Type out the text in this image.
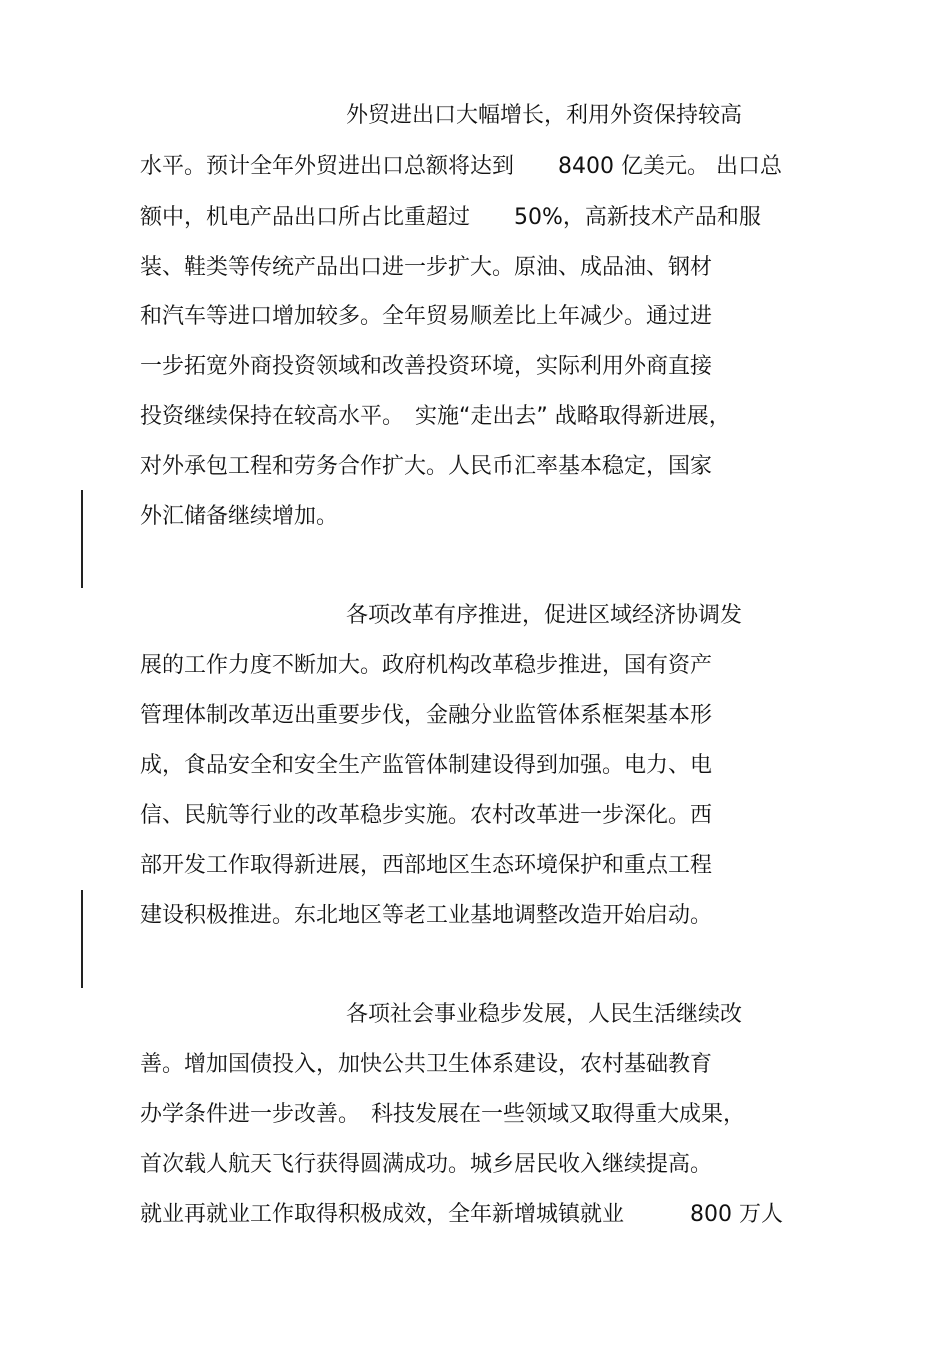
外贸进出口大幅增长，利用外资保持较高
水平。预计全年外贸进出口总额将达到　　8400 亿美元。 出口总
额中，机电产品出口所占比重超过　　50%，高新技术产品和服
装、鞋类等传统产品出口进一步扩大。原油、成品油、钢材
和汽车等进口增加较多。全年贸易顺差比上年减少。通过进
一步拓宽外商投资领域和改善投资环境，实际利用外商直接
投资继续保持在较高水平。　实施“走出去” 战略取得新进展，
对外承包工程和劳务合作扩大。人民币汇率基本稳定，国家
外汇储备继续增加。
各项改革有序推进，促进区域经济协调发
展的工作力度不断加大。政府机构改革稳步推进，国有资产
管理体制改革迈出重要步伐，金融分业监管体系框架基本形
成，食品安全和安全生产监管体制建设得到加强。电力、电
信、民航等行业的改革稳步实施。农村改革进一步深化。西
部开发工作取得新进展，西部地区生态环境保护和重点工程
建设积极推进。东北地区等老工业基地调整改造开始启动。
各项社会事业稳步发展，人民生活继续改
善。增加国债投入，加快公共卫生体系建设，农村基础教育
办学条件进一步改善。　科技发展在一些领域又取得重大成果，
首次载人航天飞行获得圆满成功。城乡居民收入继续提高。
就业再就业工作取得积极成效，全年新增城镇就业　　　800 万人
